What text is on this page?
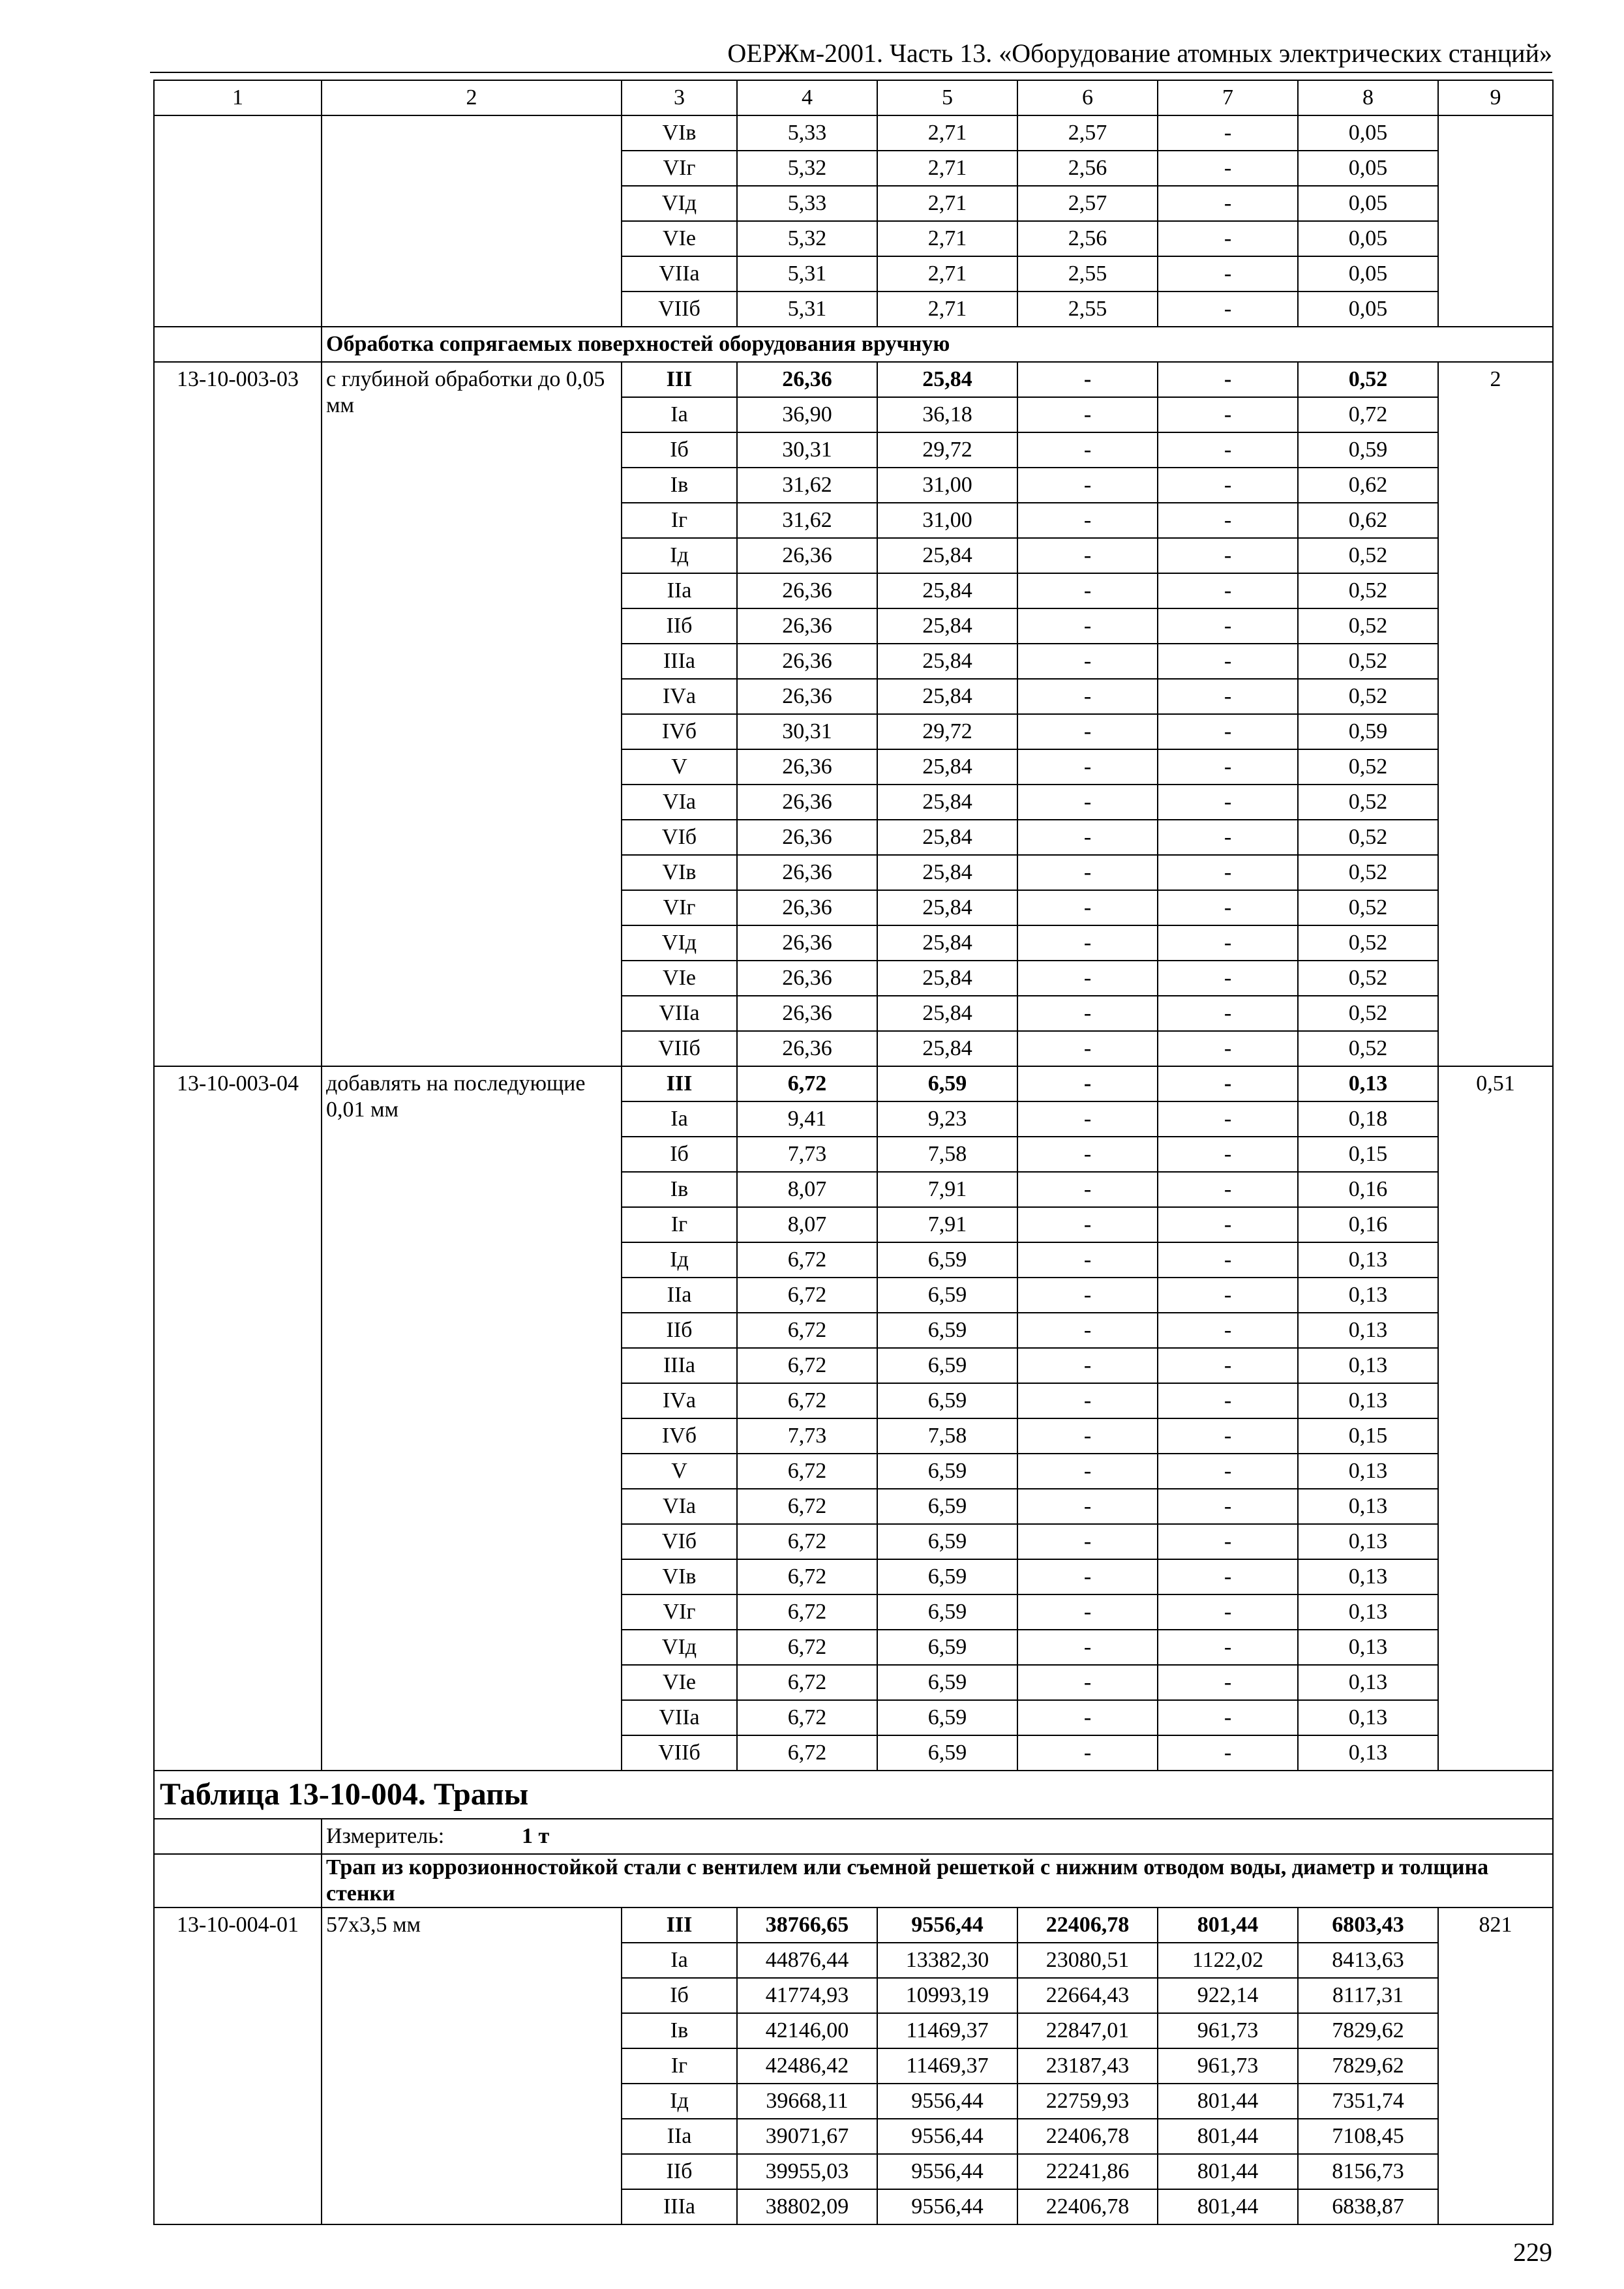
ОЕРЖм-2001. Часть 13. «Оборудование атомных электрических станций»
1	2	3	4	5	6	7	8	9
		VIв	5,33	2,71	2,57	-	0,05	
		VIг	5,32	2,71	2,56	-	0,05	
		VIд	5,33	2,71	2,57	-	0,05	
		VIе	5,32	2,71	2,56	-	0,05	
		VIIа	5,31	2,71	2,55	-	0,05	
		VIIб	5,31	2,71	2,55	-	0,05	
	Обработка сопрягаемых поверхностей оборудования вручную							
13-10-003-03	с глубиной обработки до 0,05 мм	III	26,36	25,84	-	-	0,52	2
		Iа	36,90	36,18	-	-	0,72	
		Iб	30,31	29,72	-	-	0,59	
		Iв	31,62	31,00	-	-	0,62	
		Iг	31,62	31,00	-	-	0,62	
		Iд	26,36	25,84	-	-	0,52	
		IIа	26,36	25,84	-	-	0,52	
		IIб	26,36	25,84	-	-	0,52	
		IIIа	26,36	25,84	-	-	0,52	
		IVа	26,36	25,84	-	-	0,52	
		IVб	30,31	29,72	-	-	0,59	
		V	26,36	25,84	-	-	0,52	
		VIа	26,36	25,84	-	-	0,52	
		VIб	26,36	25,84	-	-	0,52	
		VIв	26,36	25,84	-	-	0,52	
		VIг	26,36	25,84	-	-	0,52	
		VIд	26,36	25,84	-	-	0,52	
		VIе	26,36	25,84	-	-	0,52	
		VIIа	26,36	25,84	-	-	0,52	
		VIIб	26,36	25,84	-	-	0,52	
13-10-003-04	добавлять на последующие 0,01 мм	III	6,72	6,59	-	-	0,13	0,51
		Iа	9,41	9,23	-	-	0,18	
		Iб	7,73	7,58	-	-	0,15	
		Iв	8,07	7,91	-	-	0,16	
		Iг	8,07	7,91	-	-	0,16	
		Iд	6,72	6,59	-	-	0,13	
		IIа	6,72	6,59	-	-	0,13	
		IIб	6,72	6,59	-	-	0,13	
		IIIа	6,72	6,59	-	-	0,13	
		IVа	6,72	6,59	-	-	0,13	
		IVб	7,73	7,58	-	-	0,15	
		V	6,72	6,59	-	-	0,13	
		VIа	6,72	6,59	-	-	0,13	
		VIб	6,72	6,59	-	-	0,13	
		VIв	6,72	6,59	-	-	0,13	
		VIг	6,72	6,59	-	-	0,13	
		VIд	6,72	6,59	-	-	0,13	
		VIе	6,72	6,59	-	-	0,13	
		VIIа	6,72	6,59	-	-	0,13	
		VIIб	6,72	6,59	-	-	0,13	
Таблица 13-10-004. Трапы								
	Измеритель: 1 т							
	Трап из коррозионностойкой стали с вентилем или съемной решеткой с нижним отводом воды, диаметр и толщина стенки							
13-10-004-01	57х3,5 мм	III	38766,65	9556,44	22406,78	801,44	6803,43	821
		Iа	44876,44	13382,30	23080,51	1122,02	8413,63	
		Iб	41774,93	10993,19	22664,43	922,14	8117,31	
		Iв	42146,00	11469,37	22847,01	961,73	7829,62	
		Iг	42486,42	11469,37	23187,43	961,73	7829,62	
		Iд	39668,11	9556,44	22759,93	801,44	7351,74	
		IIа	39071,67	9556,44	22406,78	801,44	7108,45	
		IIб	39955,03	9556,44	22241,86	801,44	8156,73	
		IIIа	38802,09	9556,44	22406,78	801,44	6838,87	
229
